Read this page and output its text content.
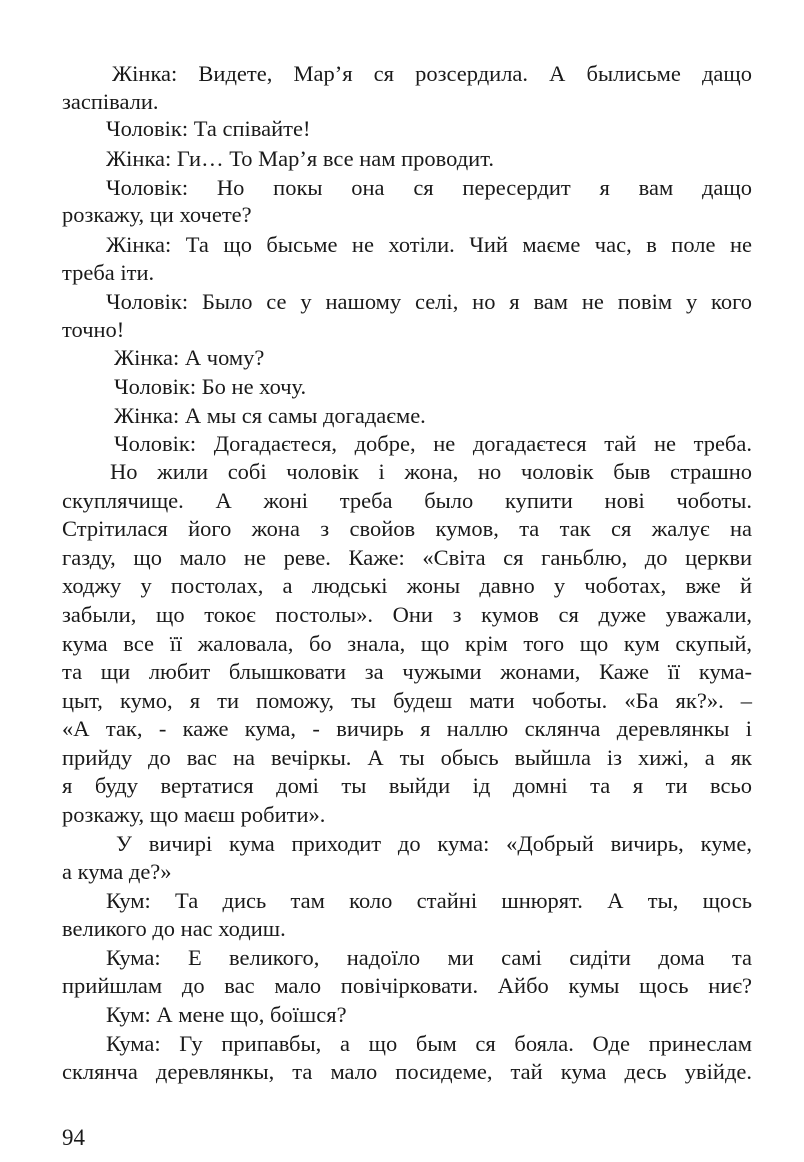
Жінка: Видете, Мар’я ся розсердила. А былисьме дащо

заспівали.

Чоловік: Та співайте!

Жінка: Ги… То Мар’я все нам проводит.

Чоловік: Но покы она ся пересердит я вам дащо

розкажу, ци хочете?

Жінка: Та що бысьме не хотіли. Чий маєме час, в поле не

треба іти.

Чоловік: Было се у нашому селі, но я вам не повім у кого

точно!

Жінка: А чому?

Чоловік: Бо не хочу.

Жінка: А мы ся самы догадаєме.

Чоловік: Догадаєтеся, добре, не догадаєтеся тай не треба.

Но жили собі чоловік і жона, но чоловік быв страшно

скуплячище. А жоні треба было купити нові чоботы.

Стрітилася його жона з свойов кумов, та так ся жалує на

газду, що мало не реве. Каже: «Світа ся ганьблю, до церкви

ходжу у постолах, а людські жоны давно у чоботах, вже й

забыли, що токоє постолы». Они з кумов ся дуже уважали,

кума все її жаловала, бо знала, що крім того що кум скупый,

та щи любит блышковати за чужыми жонами, Каже її кума-

цыт, кумо, я ти поможу, ты будеш мати чоботы. «Ба як?». –

«А так, - каже кума, - вичирь я наллю склянча деревлянкы і

прийду до вас на вечіркы. А ты обысь выйшла із хижі, а як

я буду вертатися домі ты выйди ід домні та я ти всьо

розкажу, що маєш робити».

У вичирі кума приходит до кума: «Добрый вичирь, куме,

а кума де?»

Кум: Та дись там коло стайні шнюрят. А ты, щось

великого до нас ходиш.

Кума: Е великого, надоїло ми самі сидіти дома та

прийшлам до вас мало повічірковати. Айбо кумы щось ниє?

Кум: А мене що, боїшся?

Кума: Гу припавбы, а що бым ся бояла. Оде принеслам

склянча деревлянкы, та мало посидеме, тай кума десь увійде.

94
